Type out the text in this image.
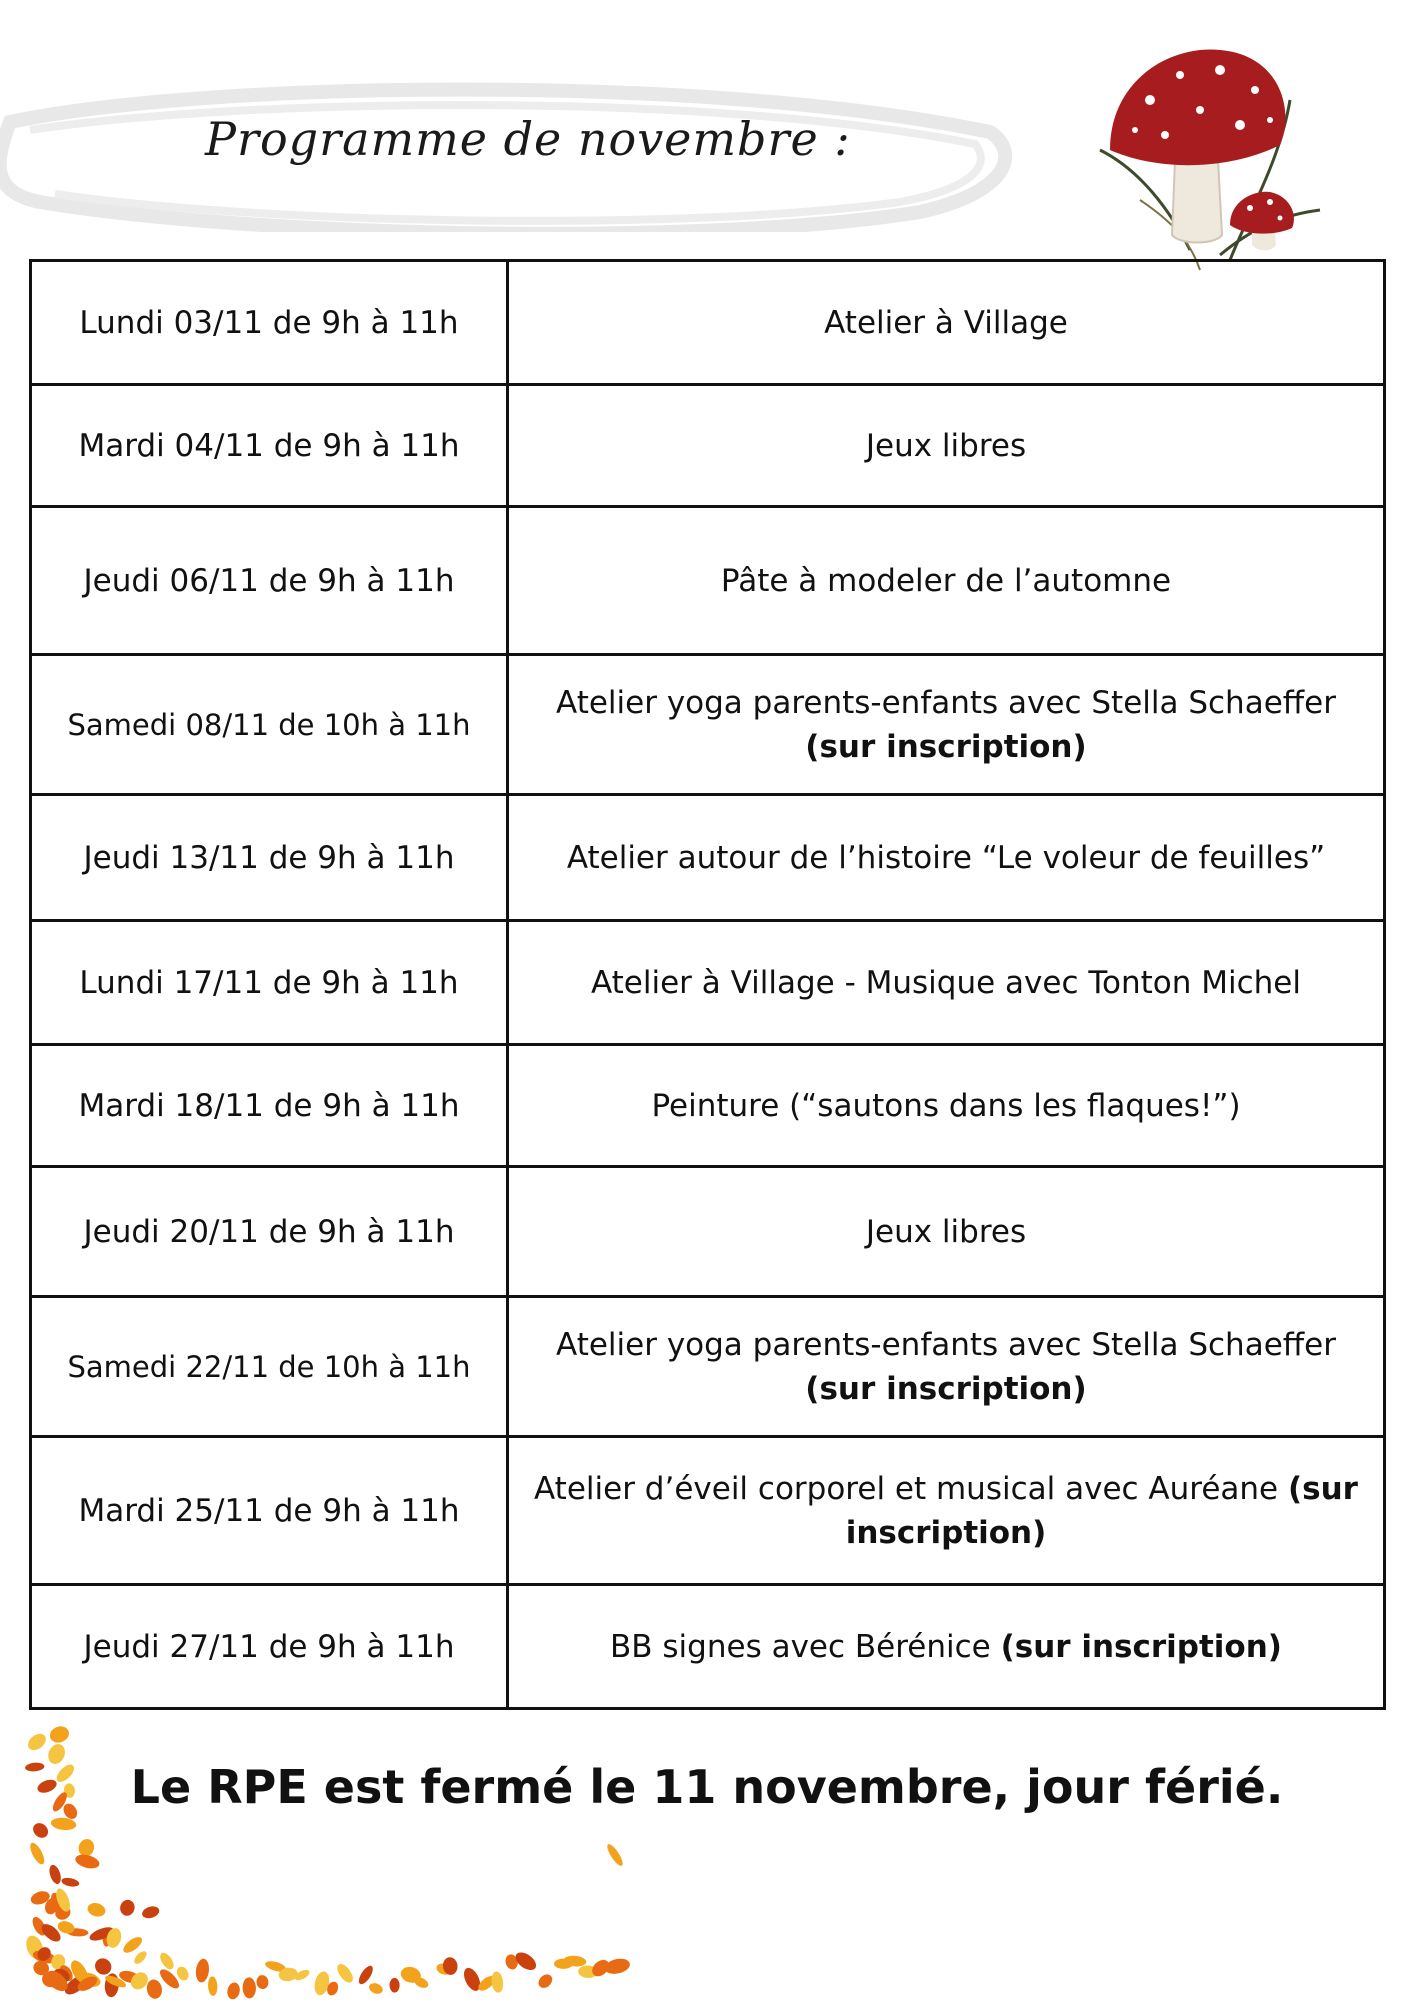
Programme de novembre :
Lundi 03/11 de 9h à 11h	Atelier à Village
Mardi 04/11 de 9h à 11h	Jeux libres
Jeudi 06/11 de 9h à 11h	Pâte à modeler de l’automne
Samedi 08/11 de 10h à 11h	Atelier yoga parents-enfants avec Stella Schaeffer (sur inscription)
Jeudi 13/11 de 9h à 11h	Atelier autour de l’histoire “Le voleur de feuilles”
Lundi 17/11 de 9h à 11h	Atelier à Village - Musique avec Tonton Michel
Mardi 18/11 de 9h à 11h	Peinture (“sautons dans les flaques!”)
Jeudi 20/11 de 9h à 11h	Jeux libres
Samedi 22/11 de 10h à 11h	Atelier yoga parents-enfants avec Stella Schaeffer (sur inscription)
Mardi 25/11 de 9h à 11h	Atelier d’éveil corporel et musical avec Auréane (sur inscription)
Jeudi 27/11 de 9h à 11h	BB signes avec Bérénice (sur inscription)
Le RPE est fermé le 11 novembre, jour férié.
